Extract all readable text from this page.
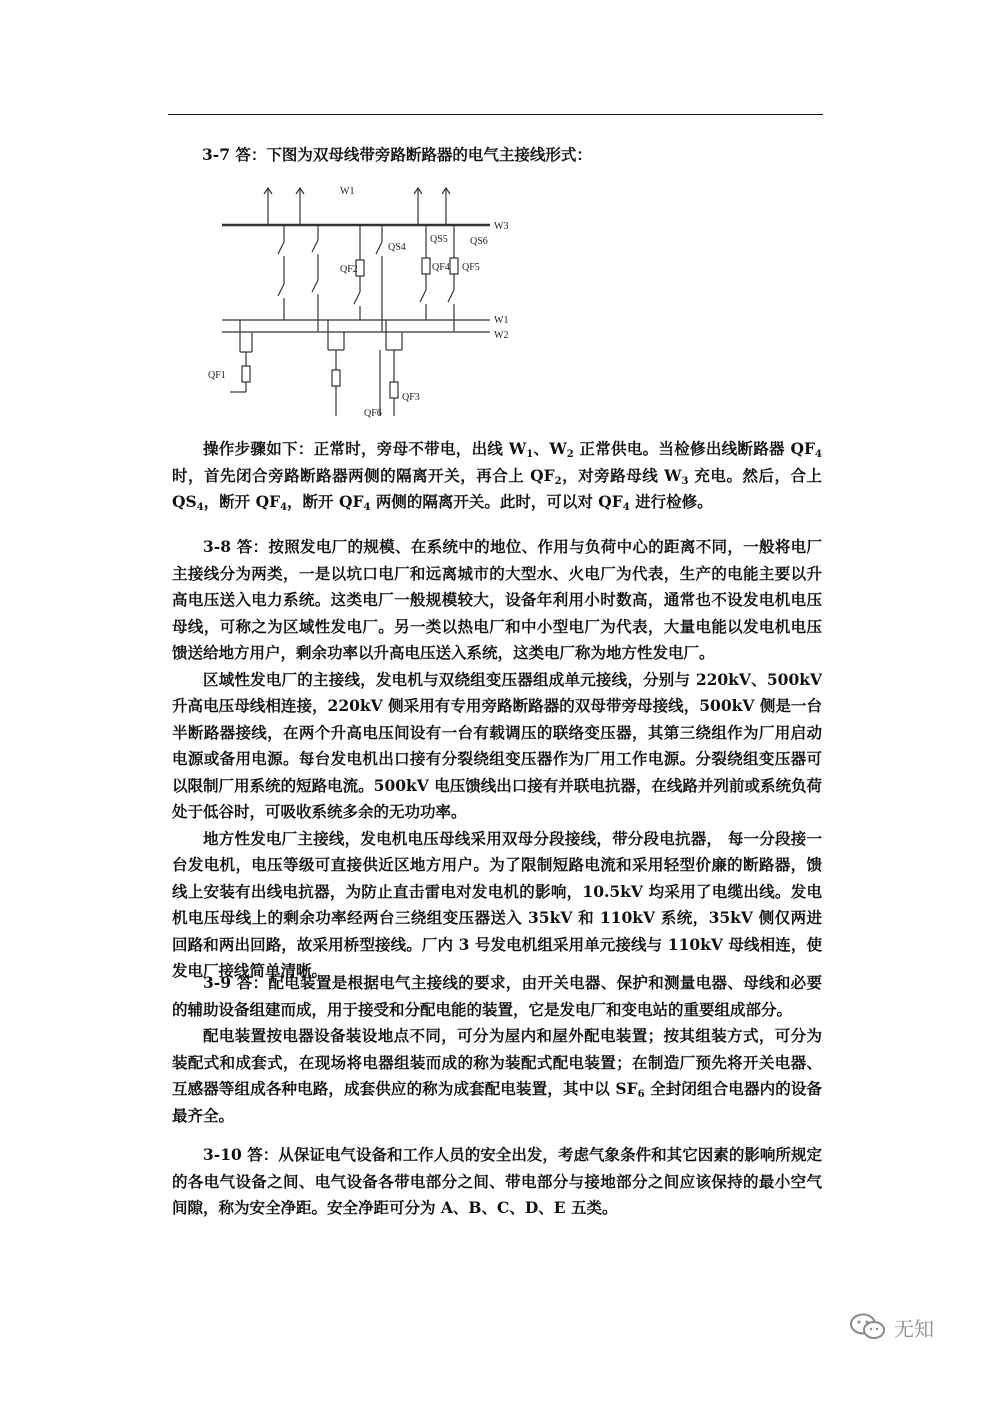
3-7 答：下图为双母线带旁路断路器的电气主接线形式：

W1
W3
W1
W2
QS4
QS5 QS6
QF1
QF2
QF3
QF4 QF5
QF6

操作步骤如下：正常时，旁母不带电，出线 $W_1$、$W_2$ 正常供电。当检修出线断路器 $QF_4$ 时，首先闭合旁路断路器两侧的隔离开关，再合上 $QF_2$，对旁路母线 $W_3$ 充电。然后，合上 $QS_4$，断开 $QF_4$，断开 $QF_4$ 两侧的隔离开关。此时，可以对 $QF_4$ 进行检修。

3-8 答：按照发电厂的规模、在系统中的地位、作用与负荷中心的距离不同，一般将电厂主接线分为两类，一是以坑口电厂和远离城市的大型水、火电厂为代表，生产的电能主要以升高电压送入电力系统。这类电厂一般规模较大，设备年利用小时数高，通常也不设发电机电压母线，可称之为区域性发电厂。另一类以热电厂和中小型电厂为代表，大量电能以发电机电压馈送给地方用户，剩余功率以升高电压送入系统，这类电厂称为地方性发电厂。

区域性发电厂的主接线，发电机与双绕组变压器组成单元接线，分别与 220kV、500kV 升高电压母线相连接，220kV 侧采用有专用旁路断路器的双母带旁母接线，500kV 侧是一台半断路器接线，在两个升高电压间设有一台有载调压的联络变压器，其第三绕组作为厂用启动电源或备用电源。每台发电机出口接有分裂绕组变压器作为厂用工作电源。分裂绕组变压器可以限制厂用系统的短路电流。500kV 电压馈线出口接有并联电抗器，在线路并列前或系统负荷处于低谷时，可吸收系统多余的无功功率。

地方性发电厂主接线，发电机电压母线采用双母分段接线，带分段电抗器， 每一分段接一台发电机，电压等级可直接供近区地方用户。为了限制短路电流和采用轻型价廉的断路器，馈线上安装有出线电抗器，为防止直击雷电对发电机的影响，10.5kV 均采用了电缆出线。发电机电压母线上的剩余功率经两台三绕组变压器送入 35kV 和 110kV 系统，35kV 侧仅两进回路和两出回路，故采用桥型接线。厂内 3 号发电机组采用单元接线与 110kV 母线相连，使发电厂接线简单清晰。

3-9 答：配电装置是根据电气主接线的要求，由开关电器、保护和测量电器、母线和必要的辅助设备组建而成，用于接受和分配电能的装置，它是发电厂和变电站的重要组成部分。

配电装置按电器设备装设地点不同，可分为屋内和屋外配电装置；按其组装方式，可分为装配式和成套式，在现场将电器组装而成的称为装配式配电装置；在制造厂预先将开关电器、互感器等组成各种电路，成套供应的称为成套配电装置，其中以 $SF_6$ 全封闭组合电器内的设备最齐全。

3-10 答：从保证电气设备和工作人员的安全出发，考虑气象条件和其它因素的影响所规定的各电气设备之间、电气设备各带电部分之间、带电部分与接地部分之间应该保持的最小空气间隙，称为安全净距。安全净距可分为 A、B、C、D、E 五类。

无知
